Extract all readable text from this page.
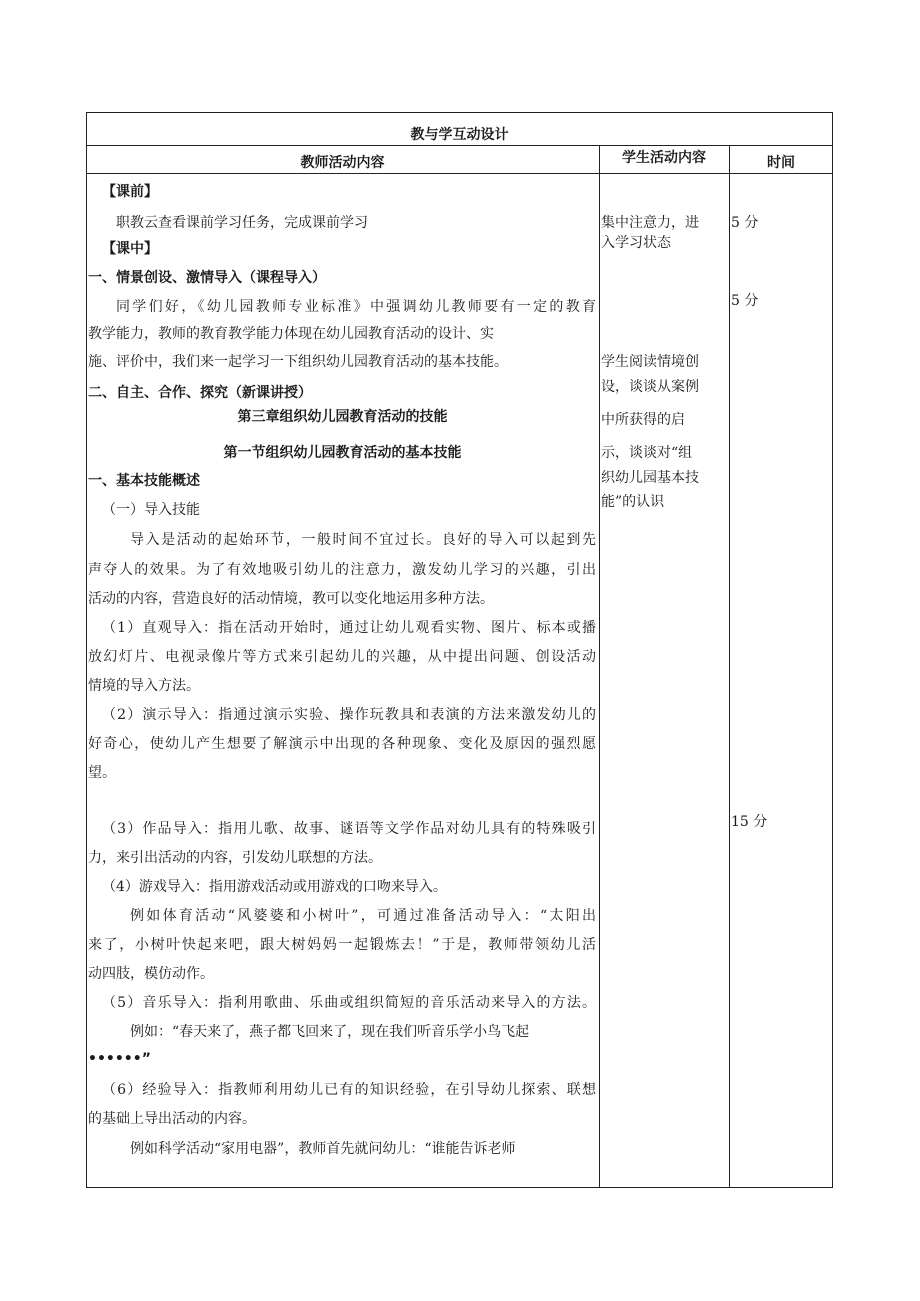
教与学互动设计
教师活动内容	学生活动内容	时间
【课前】
职教云查看课前学习任务，完成课前学习
【课中】
一、情景创设、激情导入（课程导入）
同学们好，《幼儿园教师专业标准》中强调幼儿教师要有一定的教育
教学能力，教师的教育教学能力体现在幼儿园教育活动的设计、实
施、评价中，我们来一起学习一下组织幼儿园教育活动的基本技能。
二、自主、合作、探究（新课讲授）
第三章组织幼儿园教育活动的技能
第一节组织幼儿园教育活动的基本技能
一、基本技能概述
（一）导入技能
导入是活动的起始环节，一般时间不宜过长。良好的导入可以起到先
声夺人的效果。为了有效地吸引幼儿的注意力，激发幼儿学习的兴趣，引出
活动的内容，营造良好的活动情境，教可以变化地运用多种方法。
（1）直观导入：指在活动开始时，通过让幼儿观看实物、图片、标本或播
放幻灯片、电视录像片等方式来引起幼儿的兴趣，从中提出问题、创设活动
情境的导入方法。
（2）演示导入：指通过演示实验、操作玩教具和表演的方法来激发幼儿的
好奇心，使幼儿产生想要了解演示中出现的各种现象、变化及原因的强烈愿
望。
（3）作品导入：指用儿歌、故事、谜语等文学作品对幼儿具有的特殊吸引
力，来引出活动的内容，引发幼儿联想的方法。
（4）游戏导入：指用游戏活动或用游戏的口吻来导入。
例如体育活动“风婆婆和小树叶”，可通过准备活动导入：“太阳出
来了，小树叶快起来吧，跟大树妈妈一起锻炼去！”于是，教师带领幼儿活
动四肢，模仿动作。
（5）音乐导入：指利用歌曲、乐曲或组织简短的音乐活动来导入的方法。
例如：“春天来了，燕子都飞回来了，现在我们听音乐学小鸟飞起
••••••”
（6）经验导入：指教师利用幼儿已有的知识经验，在引导幼儿探索、联想
的基础上导出活动的内容。
例如科学活动“家用电器”，教师首先就问幼儿：“谁能告诉老师
集中注意力，进
入学习状态
学生阅读情境创
设，谈谈从案例
中所获得的启
示，谈谈对“组
织幼儿园基本技
能”的认识
5 分
5 分
15 分
